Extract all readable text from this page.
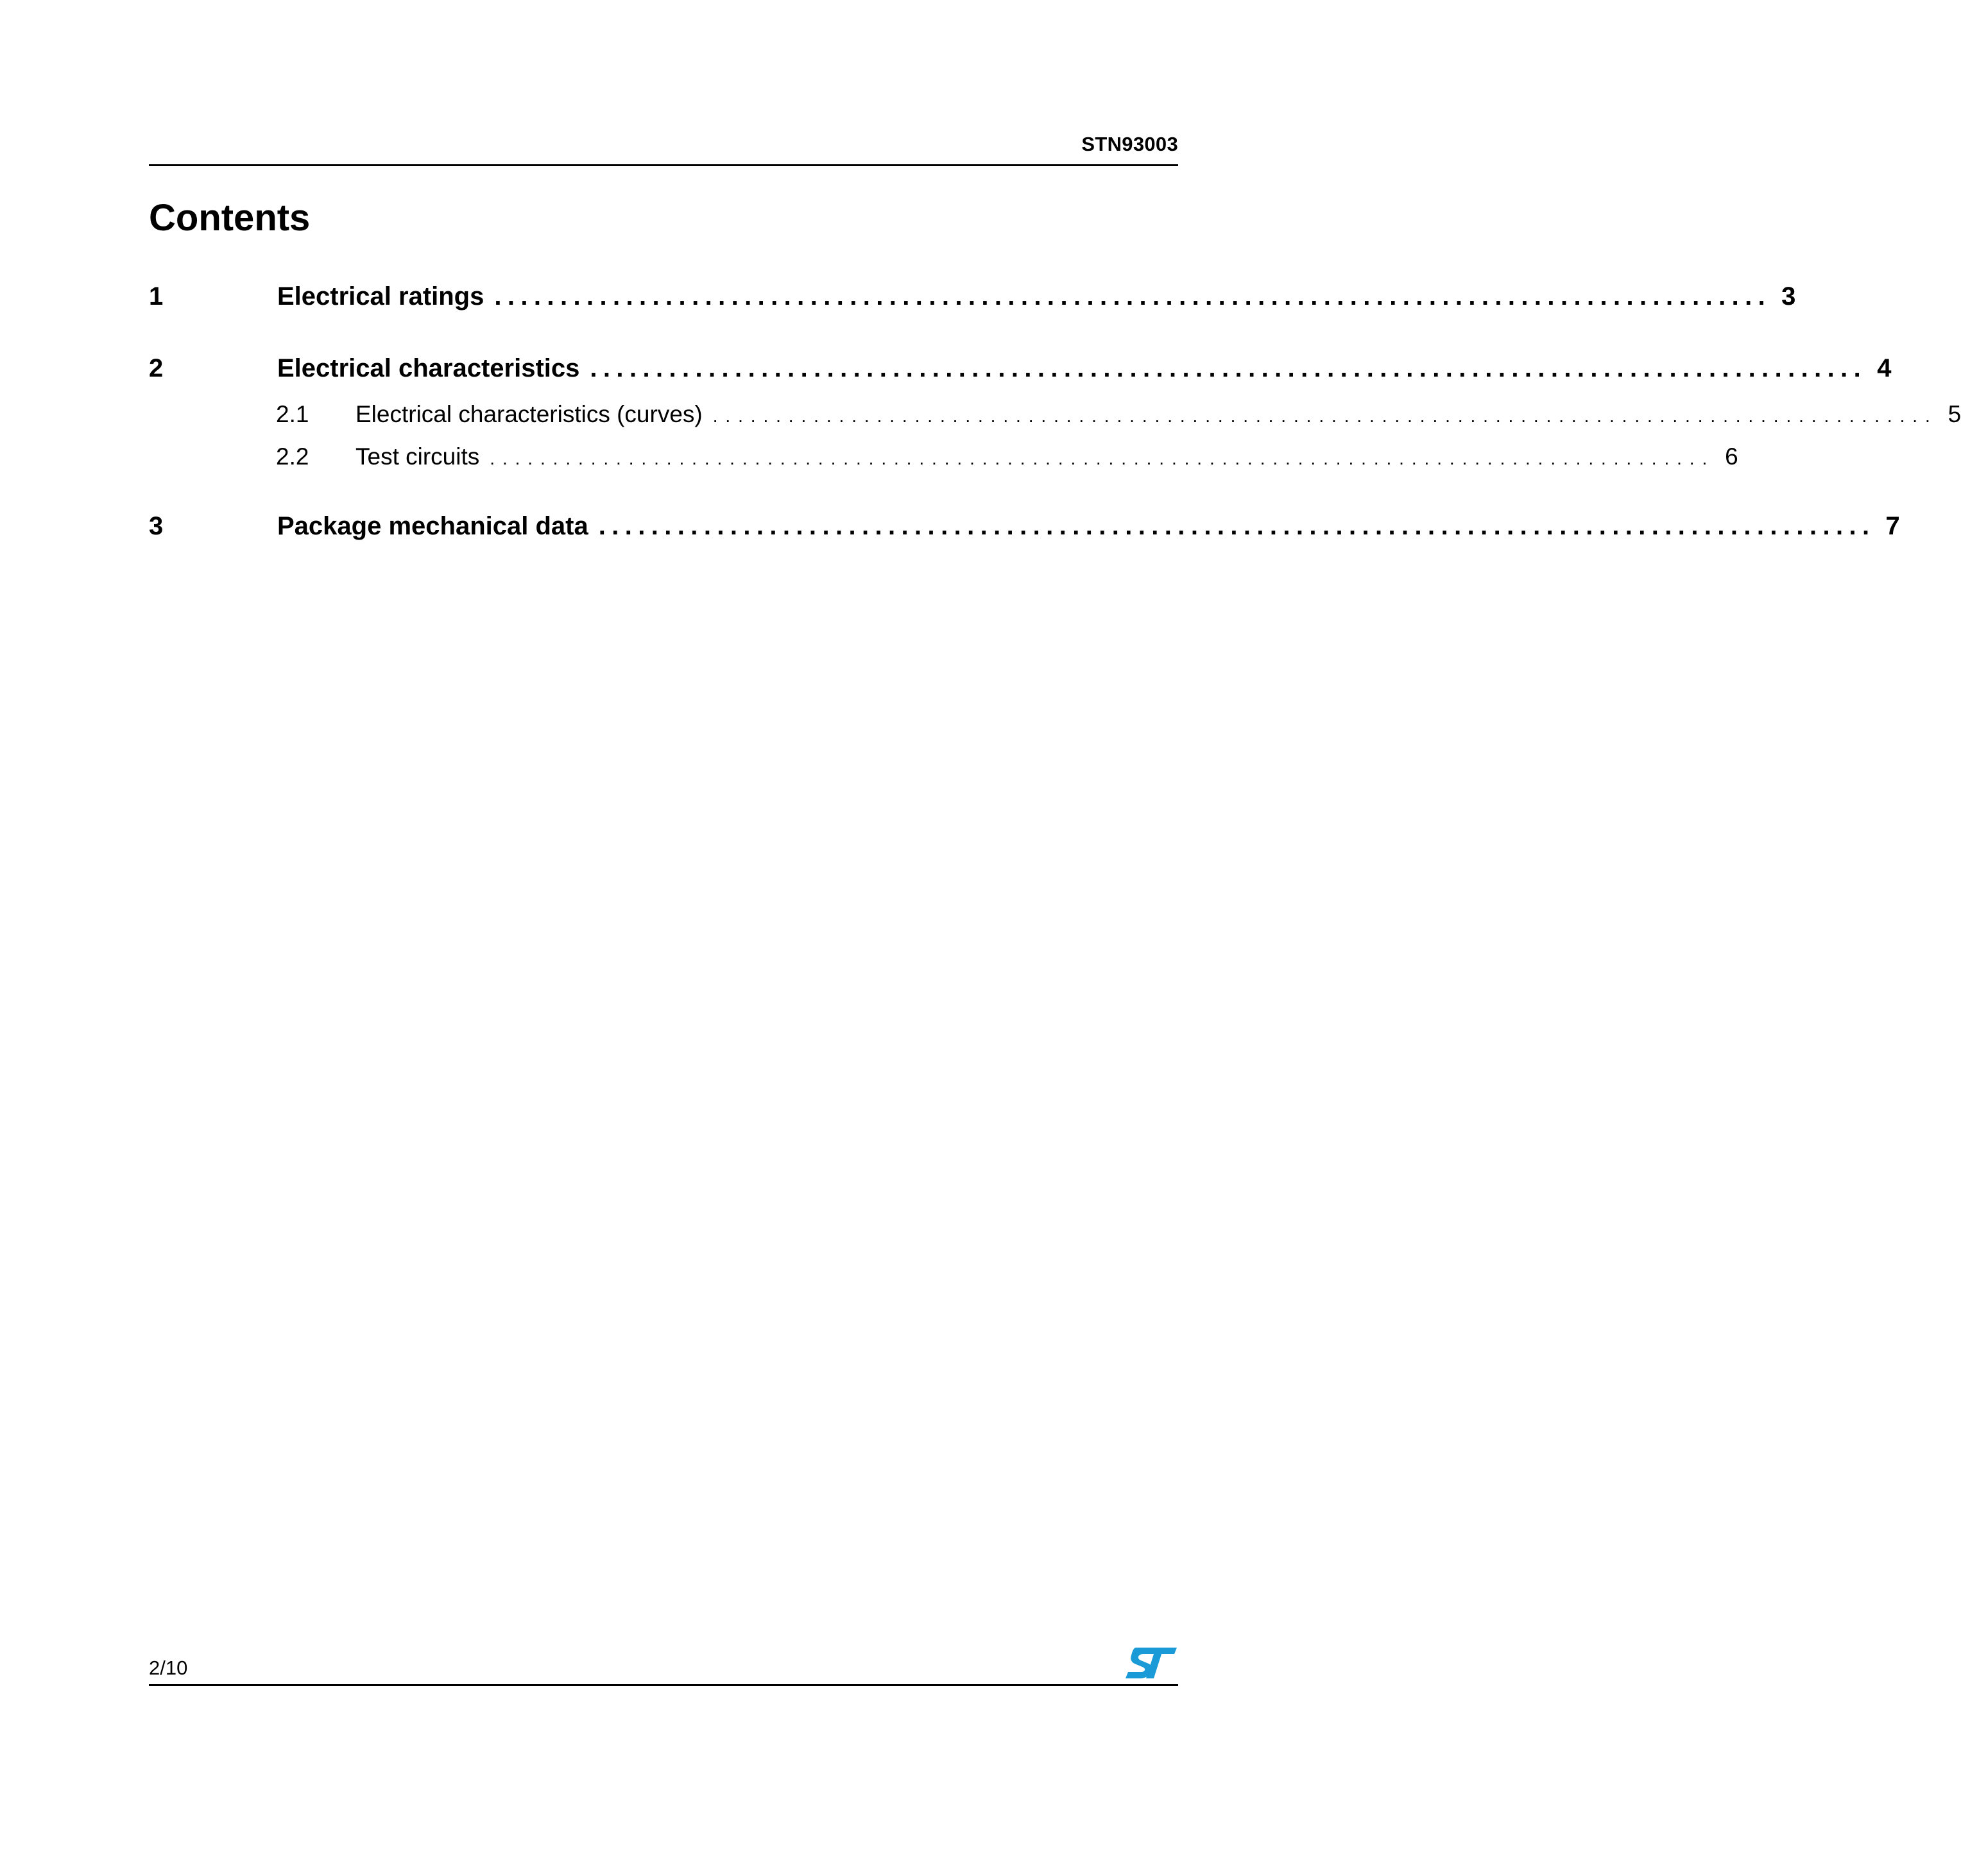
STN93003
Contents
1	Electrical ratings ................................................................................................. 3
2	Electrical characteristics ................................................................................................. 4
2.1	Electrical characteristics (curves) ................................................................................................. 5
2.2	Test circuits ................................................................................................. 6
3	Package mechanical data ................................................................................................. 7
2/10
